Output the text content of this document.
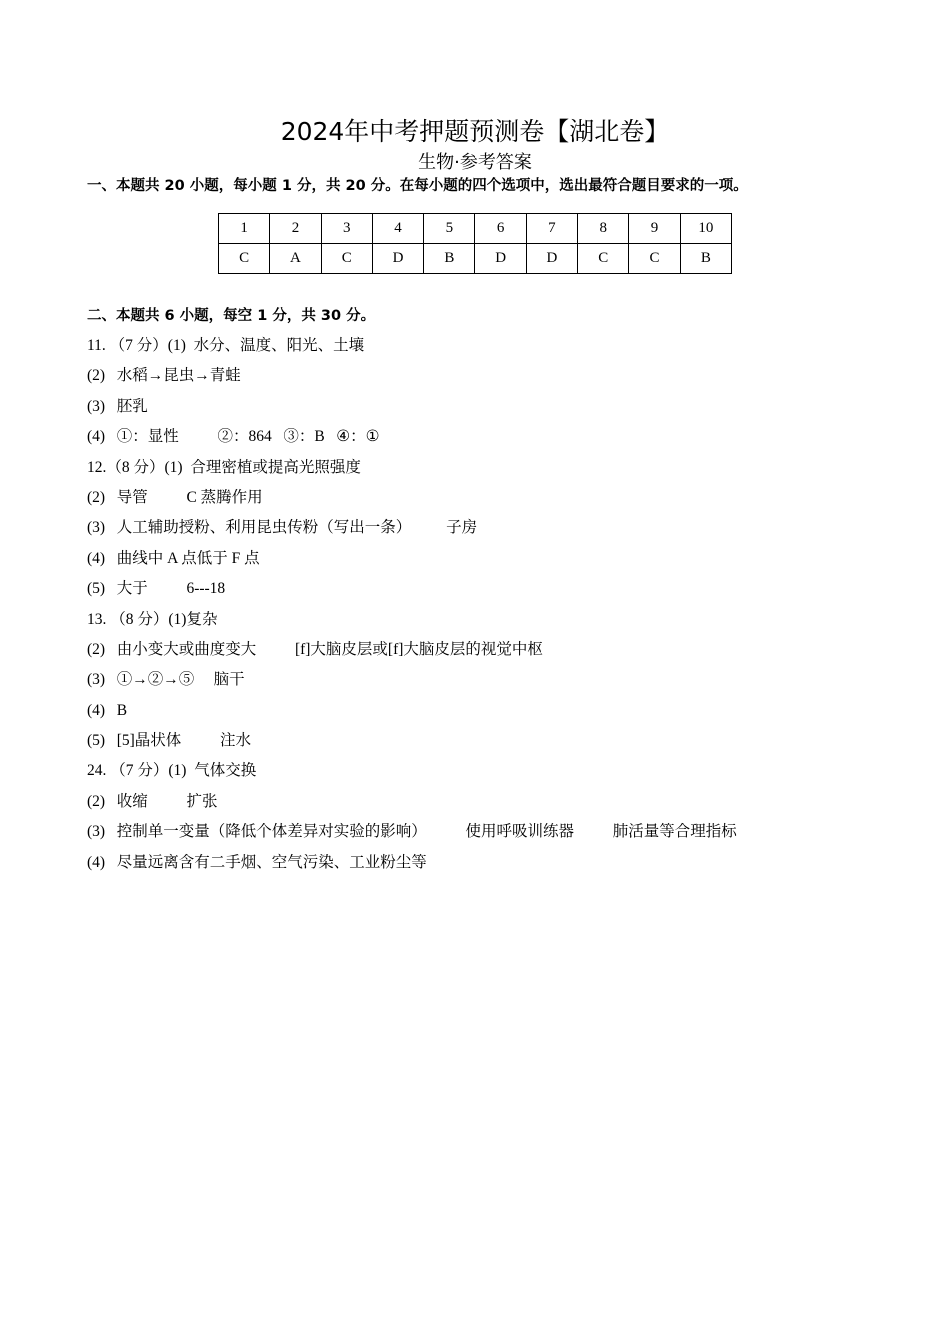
2024年中考押题预测卷【湖北卷】
生物·参考答案
一、本题共 20 小题，每小题 1 分，共 20 分。在每小题的四个选项中，选出最符合题目要求的一项。
1	2	3	4	5	6	7	8	9	10
C	A	C	D	B	D	D	C	C	B
二、本题共 6 小题，每空 1 分，共 30 分。
11. （7 分）(1)  水分、温度、阳光、土壤
(2)   水稻→昆虫→青蛙
(3)   胚乳
(4)   ①：显性          ②：864   ③：B   ④：①
12.（8 分）(1)  合理密植或提高光照强度
(2)   导管          C 蒸腾作用
(3)   人工辅助授粉、利用昆虫传粉（写出一条）         子房
(4)   曲线中 A 点低于 F 点
(5)   大于          6---18
13. （8 分）(1)复杂
(2)   由小变大或曲度变大          [f]大脑皮层或[f]大脑皮层的视觉中枢
(3)   ①→②→⑤     脑干
(4)   B
(5)   [5]晶状体          注水
24. （7 分）(1)  气体交换
(2)   收缩          扩张
(3)   控制单一变量（降低个体差异对实验的影响）          使用呼吸训练器          肺活量等合理指标
(4)   尽量远离含有二手烟、空气污染、工业粉尘等
